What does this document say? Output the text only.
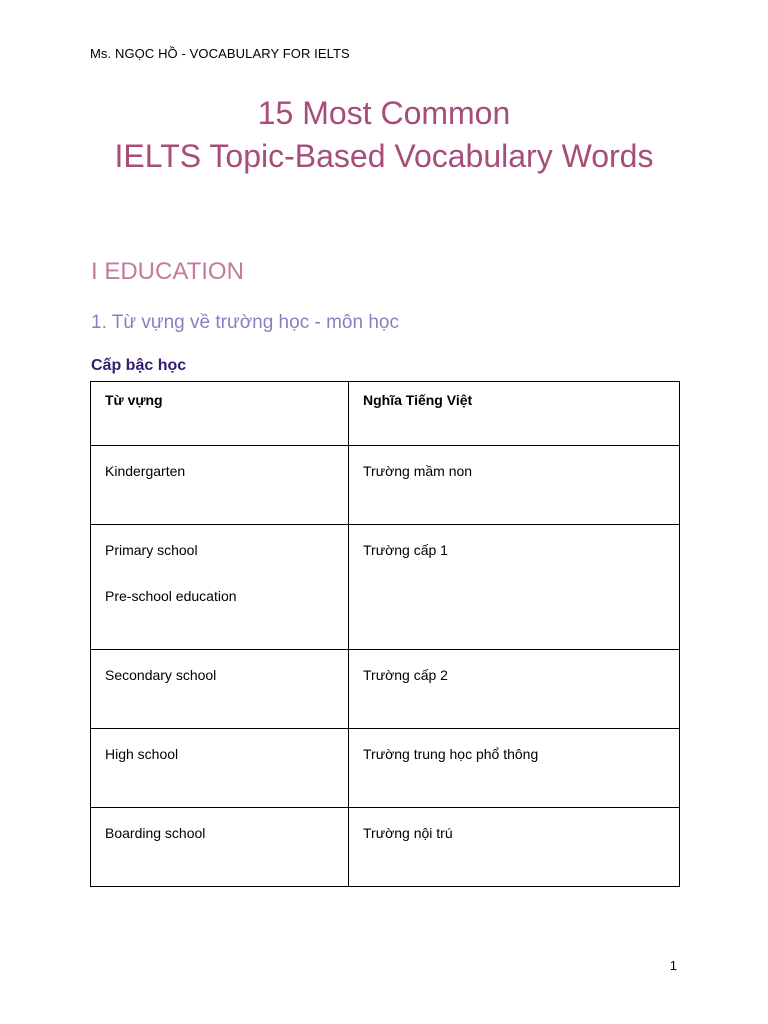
Ms. NGỌC HỒ - VOCABULARY FOR IELTS
15 Most Common
IELTS Topic-Based Vocabulary Words
I EDUCATION
1. Từ vựng về trường học - môn học
Cấp bậc học
Từ vựng	Nghĩa Tiếng Việt

Kindergarten	Trường mầm non

Primary school
Pre-school education	Trường cấp 1

Secondary school	Trường cấp 2

High school	Trường trung học phổ thông

Boarding school	Trường nội trú
1
